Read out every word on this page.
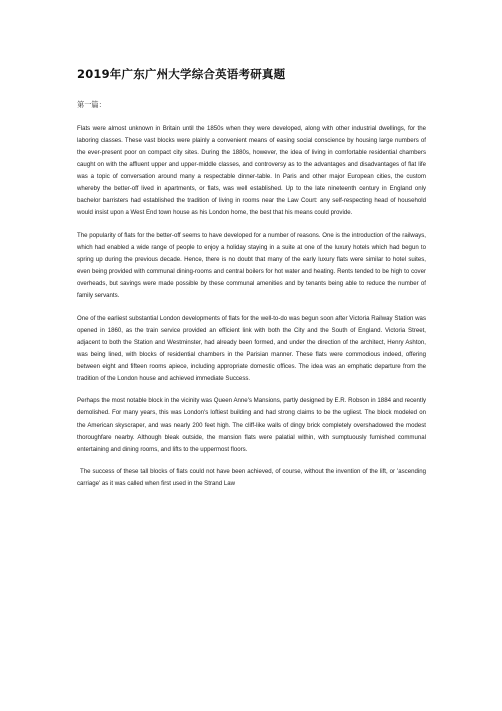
2019年广东广州大学综合英语考研真题

第一篇：

Flats were almost unknown in Britain until the 1850s when they were developed, along with other industrial dwellings, for the laboring classes. These vast blocks were plainly a convenient means of easing social conscience by housing large numbers of the ever-present poor on compact city sites. During the 1880s, however, the idea of living in comfortable residential chambers caught on with the affluent upper and upper-middle classes, and controversy as to the advantages and disadvantages of flat life was a topic of conversation around many a respectable dinner-table. In Paris and other major European cities, the custom whereby the better-off lived in apartments, or flats, was well established. Up to the late nineteenth century in England only bachelor barristers had established the tradition of living in rooms near the Law Court: any self-respecting head of household would insist upon a West End town house as his London home, the best that his means could provide.

The popularity of flats for the better-off seems to have developed for a number of reasons. One is the introduction of the railways, which had enabled a wide range of people to enjoy a holiday staying in a suite at one of the luxury hotels which had begun to spring up during the previous decade. Hence, there is no doubt that many of the early luxury flats were similar to hotel suites, even being provided with communal dining-rooms and central boilers for hot water and heating. Rents tended to be high to cover overheads, but savings were made possible by these communal amenities and by tenants being able to reduce the number of family servants.

One of the earliest substantial London developments of flats for the well-to-do was begun soon after Victoria Railway Station was opened in 1860, as the train service provided an efficient link with both the City and the South of England. Victoria Street, adjacent to both the Station and Westminster, had already been formed, and under the direction of the architect, Henry Ashton, was being lined, with blocks of residential chambers in the Parisian manner. These flats were commodious indeed, offering between eight and fifteen rooms apiece, including appropriate domestic offices. The idea was an emphatic departure from the tradition of the London house and achieved immediate Success.

Perhaps the most notable block in the vicinity was Queen Anne's Mansions, partly designed by E.R. Robson in 1884 and recently demolished. For many years, this was London's loftiest building and had strong claims to be the ugliest. The block modeled on the American skyscraper, and was nearly 200 feet high. The cliff-like walls of dingy brick completely overshadowed the modest thoroughfare nearby. Although bleak outside, the mansion flats were palatial within, with sumptuously furnished communal entertaining and dining rooms, and lifts to the uppermost floors.

The success of these tall blocks of flats could not have been achieved, of course, without the invention of the lift, or 'ascending carriage' as it was called when first used in the Strand Law
